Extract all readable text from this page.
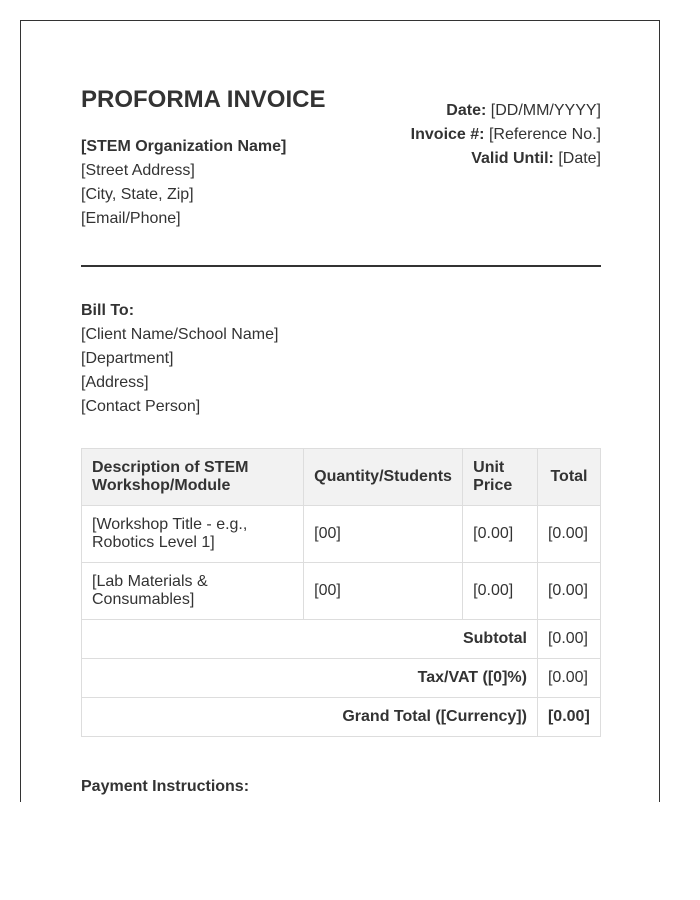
PROFORMA INVOICE
[STEM Organization Name]
[Street Address]
[City, State, Zip]
[Email/Phone]
Date: [DD/MM/YYYY]
Invoice #: [Reference No.]
Valid Until: [Date]
Bill To:
[Client Name/School Name]
[Department]
[Address]
[Contact Person]
Description of STEM Workshop/Module	Quantity/Students	Unit Price	Total
[Workshop Title - e.g., Robotics Level 1]	[00]	[0.00]	[0.00]
[Lab Materials & Consumables]	[00]	[0.00]	[0.00]
Subtotal			[0.00]
Tax/VAT ([0]%)			[0.00]
Grand Total ([Currency])			[0.00]
Payment Instructions:
